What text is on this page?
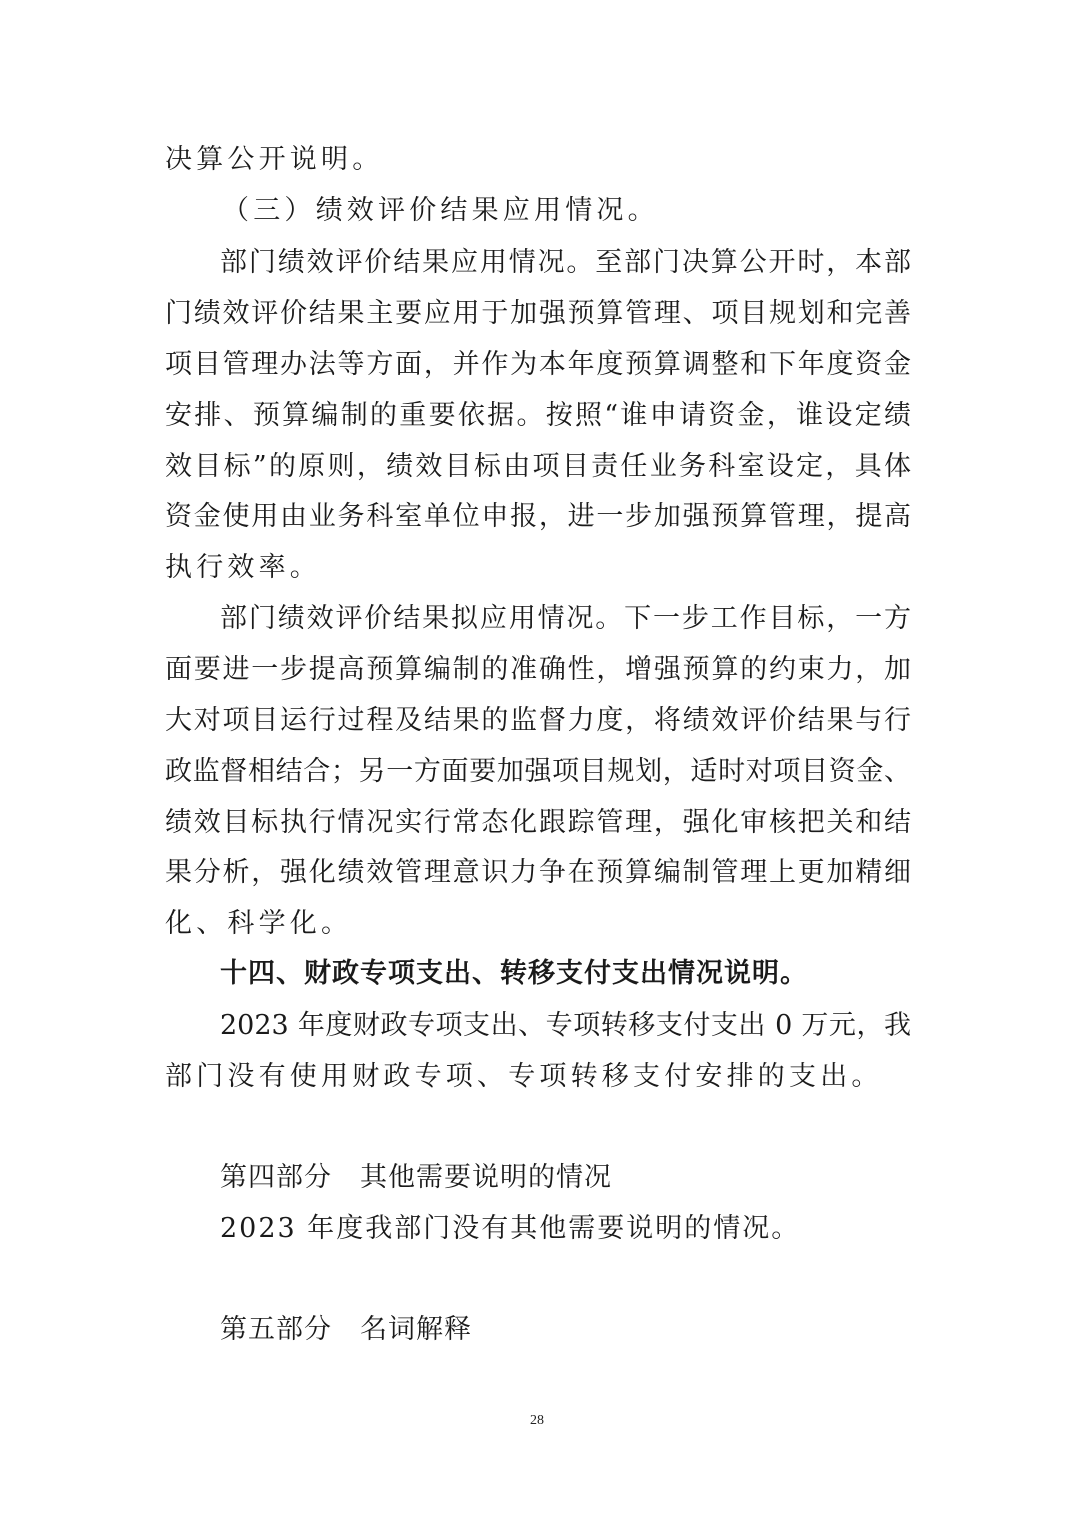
决算公开说明。
（三）绩效评价结果应用情况。
部门绩效评价结果应用情况。至部门决算公开时，本部
门绩效评价结果主要应用于加强预算管理、项目规划和完善
项目管理办法等方面，并作为本年度预算调整和下年度资金
安排、预算编制的重要依据。按照“谁申请资金，谁设定绩
效目标”的原则，绩效目标由项目责任业务科室设定，具体
资金使用由业务科室单位申报，进一步加强预算管理，提高
执行效率。
部门绩效评价结果拟应用情况。下一步工作目标，一方
面要进一步提高预算编制的准确性，增强预算的约束力，加
大对项目运行过程及结果的监督力度，将绩效评价结果与行
政监督相结合；另一方面要加强项目规划，适时对项目资金、
绩效目标执行情况实行常态化跟踪管理，强化审核把关和结
果分析，强化绩效管理意识力争在预算编制管理上更加精细
化、科学化。
十四、财政专项支出、转移支付支出情况说明。
2023 年度财政专项支出、专项转移支付支出 0 万元，我
部门没有使用财政专项、专项转移支付安排的支出。
第四部分　其他需要说明的情况
2023 年度我部门没有其他需要说明的情况。
第五部分　名词解释
28
